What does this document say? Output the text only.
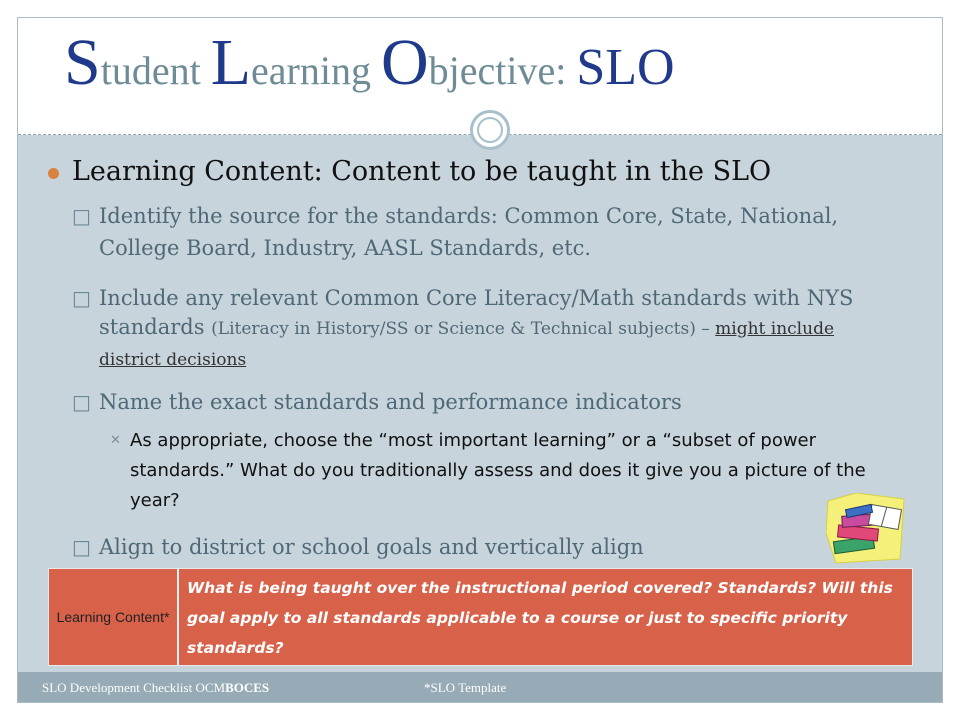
Student Learning Objective: SLO
Learning Content: Content to be taught in the SLO
□ Identify the source for the standards: Common Core, State, National, College Board, Industry, AASL Standards, etc.
□ Include any relevant Common Core Literacy/Math standards with NYS standards (Literacy in History/SS or Science & Technical subjects) – might include district decisions
□ Name the exact standards and performance indicators
✕ As appropriate, choose the “most important learning” or a “subset of power standards.” What do you traditionally assess and does it give you a picture of the year?
□ Align to district or school goals and vertically align
Learning Content*
What is being taught over the instructional period covered? Standards? Will this goal apply to all standards applicable to a course or just to specific priority standards?
SLO Development Checklist OCMBOCES	*SLO Template
